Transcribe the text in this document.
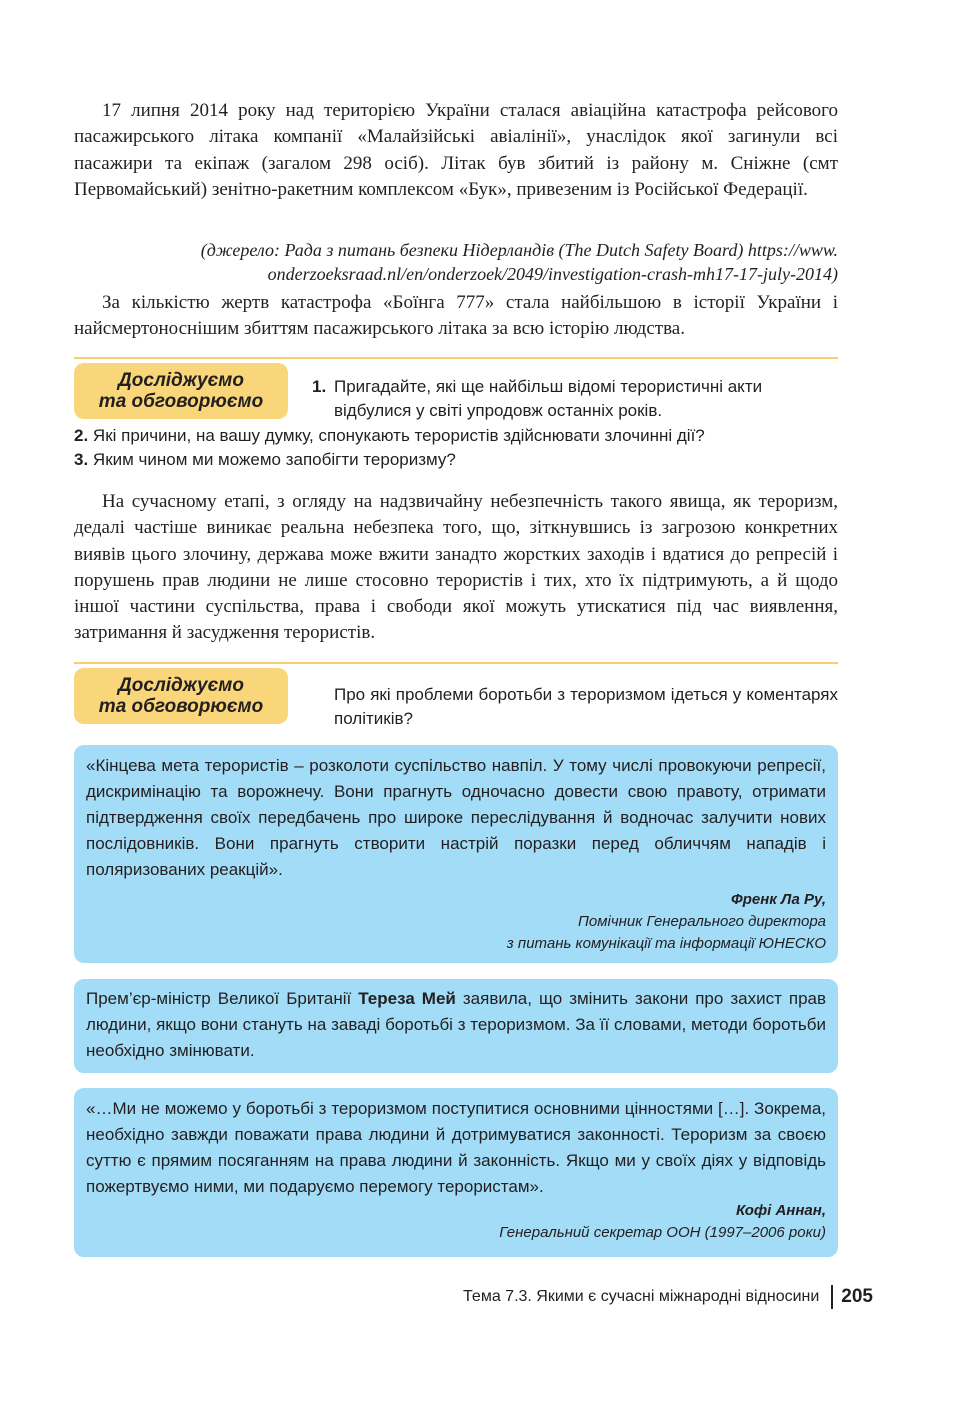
17 липня 2014 року над територією України сталася авіаційна катастрофа рейсового пасажирського літака компанії «Малайзійські авіалінії», унаслідок якої загинули всі пасажири та екіпаж (загалом 298 осіб). Літак був збитий із району м. Сніжне (смт Первомайський) зенітно-ракетним комплексом «Бук», привезеним із Російської Федерації.

(джерело: Рада з питань безпеки Нідерландів (The Dutch Safety Board) https://www.
onderzoeksraad.nl/en/onderzoek/2049/investigation-crash-mh17-17-july-2014)

За кількістю жертв катастрофа «Боїнга 777» стала найбільшою в історії України і найсмертоноснішим збиттям пасажирського літака за всю історію людства.

Досліджуємо
та обговорюємо
1. Пригадайте, які ще найбільш відомі терористичні акти відбулися у світі упродовж останніх років.
2. Які причини, на вашу думку, спонукають терористів здійснювати злочинні дії?
3. Яким чином ми можемо запобігти тероризму?

На сучасному етапі, з огляду на надзвичайну небезпечність такого явища, як тероризм, дедалі частіше виникає реальна небезпека того, що, зіткнувшись із загрозою конкретних виявів цього злочину, держава може вжити занадто жорстких заходів і вдатися до репресій і порушень прав людини не лише стосовно терористів і тих, хто їх підтримують, а й щодо іншої частини суспільства, права і свободи якої можуть утискатися під час виявлення, затримання й засудження терористів.

Досліджуємо
та обговорюємо
Про які проблеми боротьби з тероризмом ідеться у коментарях політиків?

«Кінцева мета терористів – розколоти суспільство навпіл. У тому числі провокуючи репресії, дискримінацію та ворожнечу. Вони прагнуть одночасно довести свою правоту, отримати підтвердження своїх передбачень про широке переслідування й водночас залучити нових послідовників. Вони прагнуть створити настрій поразки перед обличчям нападів і поляризованих реакцій».

Френк Ла Ру,
Помічник Генерального директора
з питань комунікації та інформації ЮНЕСКО

Прем’єр-міністр Великої Британії Тереза Мей заявила, що змінить закони про захист прав людини, якщо вони стануть на заваді боротьбі з тероризмом. За її словами, методи боротьби необхідно змінювати.

«…Ми не можемо у боротьбі з тероризмом поступитися основними цінностями […]. Зокрема, необхідно завжди поважати права людини й дотримуватися законності. Тероризм за своєю суттю є прямим посяганням на права людини й законність. Якщо ми у своїх діях у відповідь пожертвуємо ними, ми подаруємо перемогу терористам».

Кофі Аннан,
Генеральний секретар ООН (1997–2006 роки)
Тема 7.3. Якими є сучасні міжнародні відносини 205
